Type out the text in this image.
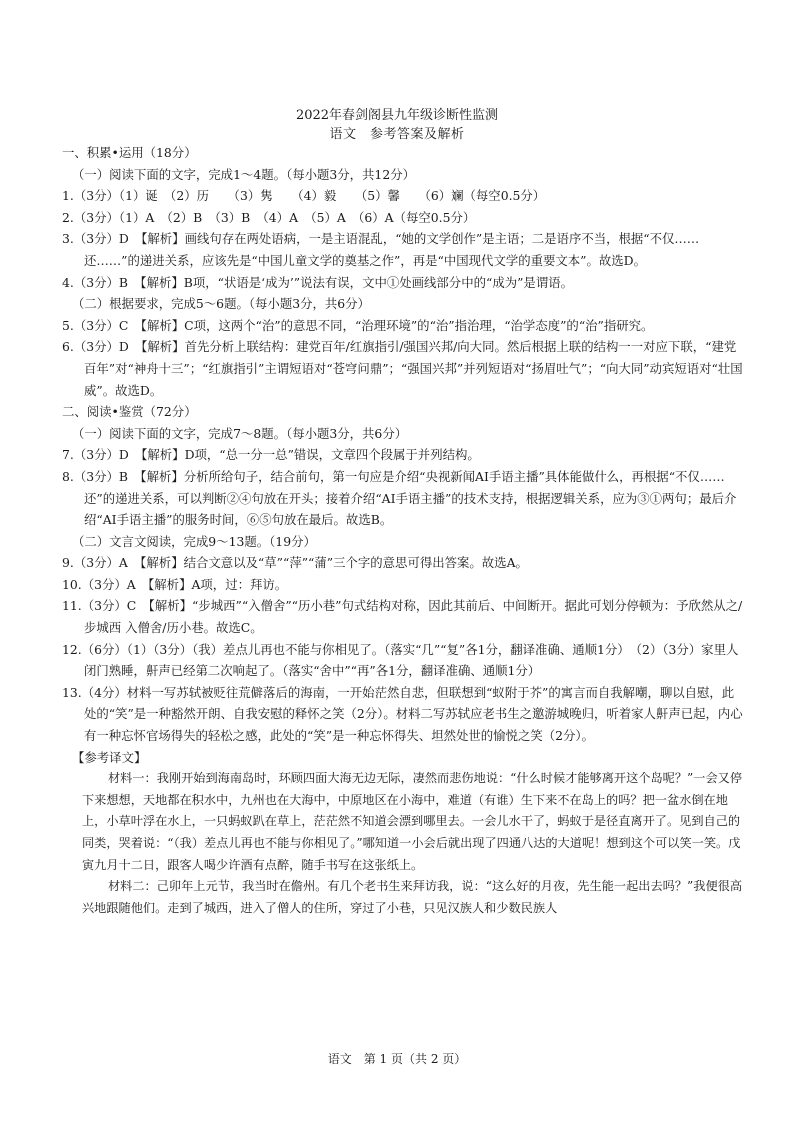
2022年春剑阁县九年级诊断性监测
语文　参考答案及解析

一、积累•运用（18分）

（一）阅读下面的文字，完成1～4题。（每小题3分，共12分）

1.（3分）（1）诞　（2）历　　（3）隽　　（4）毅　　（5）馨　　（6）斓（每空0.5分）

2.（3分）（1）A　（2）B　（3）B　（4）A　（5）A　（6）A（每空0.5分）

3.（3分）D　【解析】画线句存在两处语病，一是主语混乱，“她的文学创作”是主语；二是语序不当，根据“不仅……还……”的递进关系，应该先是“中国儿童文学的奠基之作”，再是“中国现代文学的重要文本”。故选D。

4.（3分）B　【解析】B项，“状语是‘成为’”说法有误，文中①处画线部分中的“成为”是谓语。

（二）根据要求，完成5～6题。（每小题3分，共6分）

5.（3分）C　【解析】C项，这两个“治”的意思不同，“治理环境”的“治”指治理，“治学态度”的“治”指研究。

6.（3分）D　【解析】首先分析上联结构：建党百年/红旗指引/强国兴邦/向大同。然后根据上联的结构一一对应下联，“建党百年”对“神舟十三”；“红旗指引”主谓短语对“苍穹问鼎”；“强国兴邦”并列短语对“扬眉吐气”；“向大同”动宾短语对“壮国威”。故选D。

二、阅读•鉴赏（72分）

（一）阅读下面的文字，完成7～8题。（每小题3分，共6分）

7.（3分）D　【解析】D项，“总一分一总”错误，文章四个段属于并列结构。

8.（3分）B　【解析】分析所给句子，结合前句，第一句应是介绍“央视新闻AI手语主播”具体能做什么，再根据“不仅……还”的递进关系，可以判断②④句放在开头；接着介绍“AI手语主播”的技术支持，根据逻辑关系，应为③①两句；最后介绍“AI手语主播”的服务时间，⑥⑤句放在最后。故选B。

（二）文言文阅读，完成9～13题。（19分）

9.（3分）A　【解析】结合文意以及“草”“萍”“蒲”三个字的意思可得出答案。故选A。

10.（3分）A　【解析】A项，过：拜访。

11.（3分）C　【解析】“步城西”“入僧舍”“历小巷”句式结构对称，因此其前后、中间断开。据此可划分停顿为：予欣然从之/步城西 入僧舍/历小巷。故选C。

12.（6分）（1）（3分）（我）差点儿再也不能与你相见了。（落实“几”“复”各1分，翻译准确、通顺1分）　（2）（3分）家里人闭门熟睡，鼾声已经第二次响起了。（落实“舍中”“再”各1分，翻译准确、通顺1分）

13.（4分）材料一写苏轼被贬往荒僻落后的海南，一开始茫然自悲，但联想到“蚁附于芥”的寓言而自我解嘲，聊以自慰，此处的“笑”是一种豁然开朗、自我安慰的释怀之笑（2分）。材料二写苏轼应老书生之邀游城晚归，听着家人鼾声已起，内心有一种忘怀官场得失的轻松之感，此处的“笑”是一种忘怀得失、坦然处世的愉悦之笑（2分）。

【参考译文】

材料一：我刚开始到海南岛时，环顾四面大海无边无际，凄然而悲伤地说：“什么时候才能够离开这个岛呢？”一会又停下来想想，天地都在积水中，九州也在大海中，中原地区在小海中，难道（有谁）生下来不在岛上的吗？把一盆水倒在地上，小草叶浮在水上，一只蚂蚁趴在草上，茫茫然不知道会漂到哪里去。一会儿水干了，蚂蚁于是径直离开了。见到自己的同类，哭着说：“（我）差点儿再也不能与你相见了。”哪知道一小会后就出现了四通八达的大道呢！想到这个可以笑一笑。戊寅九月十二日，跟客人喝少许酒有点醉，随手书写在这张纸上。

材料二：己卯年上元节，我当时在儋州。有几个老书生来拜访我，说：“这么好的月夜，先生能一起出去吗？”我便很高兴地跟随他们。走到了城西，进入了僧人的住所，穿过了小巷，只见汉族人和少数民族人

语文　第 1 页（共 2 页）
